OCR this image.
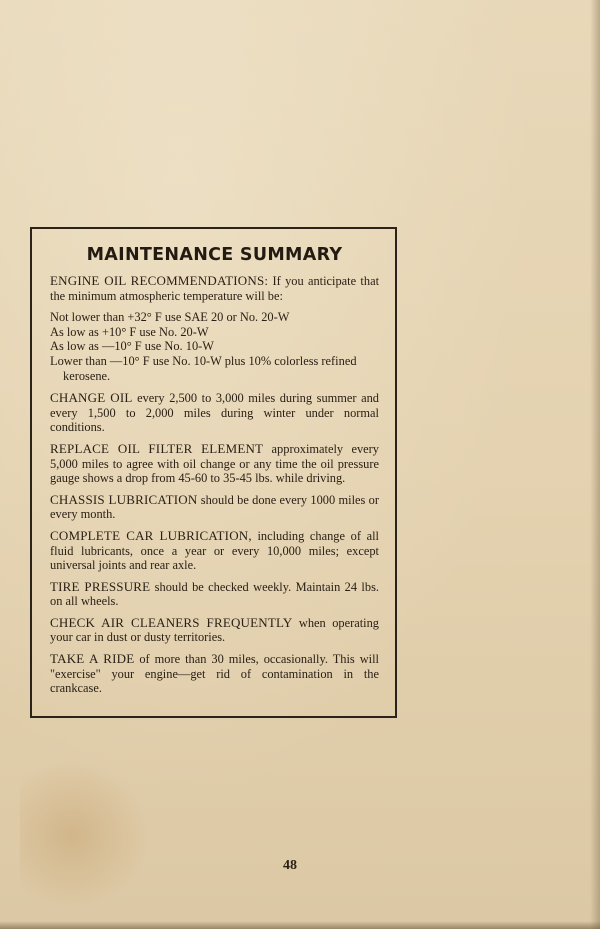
MAINTENANCE SUMMARY

ENGINE OIL RECOMMENDATIONS: If you anticipate that the minimum atmospheric temperature will be:

Not lower than +32° F use SAE 20 or No. 20-W

As low as +10° F use No. 20-W

As low as —10° F use No. 10-W

Lower than —10° F use No. 10-W plus 10% colorless refined kerosene.

CHANGE OIL every 2,500 to 3,000 miles during summer and every 1,500 to 2,000 miles during winter under normal conditions.

REPLACE OIL FILTER ELEMENT approximately every 5,000 miles to agree with oil change or any time the oil pressure gauge shows a drop from 45-60 to 35-45 lbs. while driving.

CHASSIS LUBRICATION should be done every 1000 miles or every month.

COMPLETE CAR LUBRICATION, including change of all fluid lubricants, once a year or every 10,000 miles; except universal joints and rear axle.

TIRE PRESSURE should be checked weekly. Maintain 24 lbs. on all wheels.

CHECK AIR CLEANERS FREQUENTLY when operating your car in dust or dusty territories.

TAKE A RIDE of more than 30 miles, occasionally. This will "exercise" your engine—get rid of contamination in the crankcase.

48
